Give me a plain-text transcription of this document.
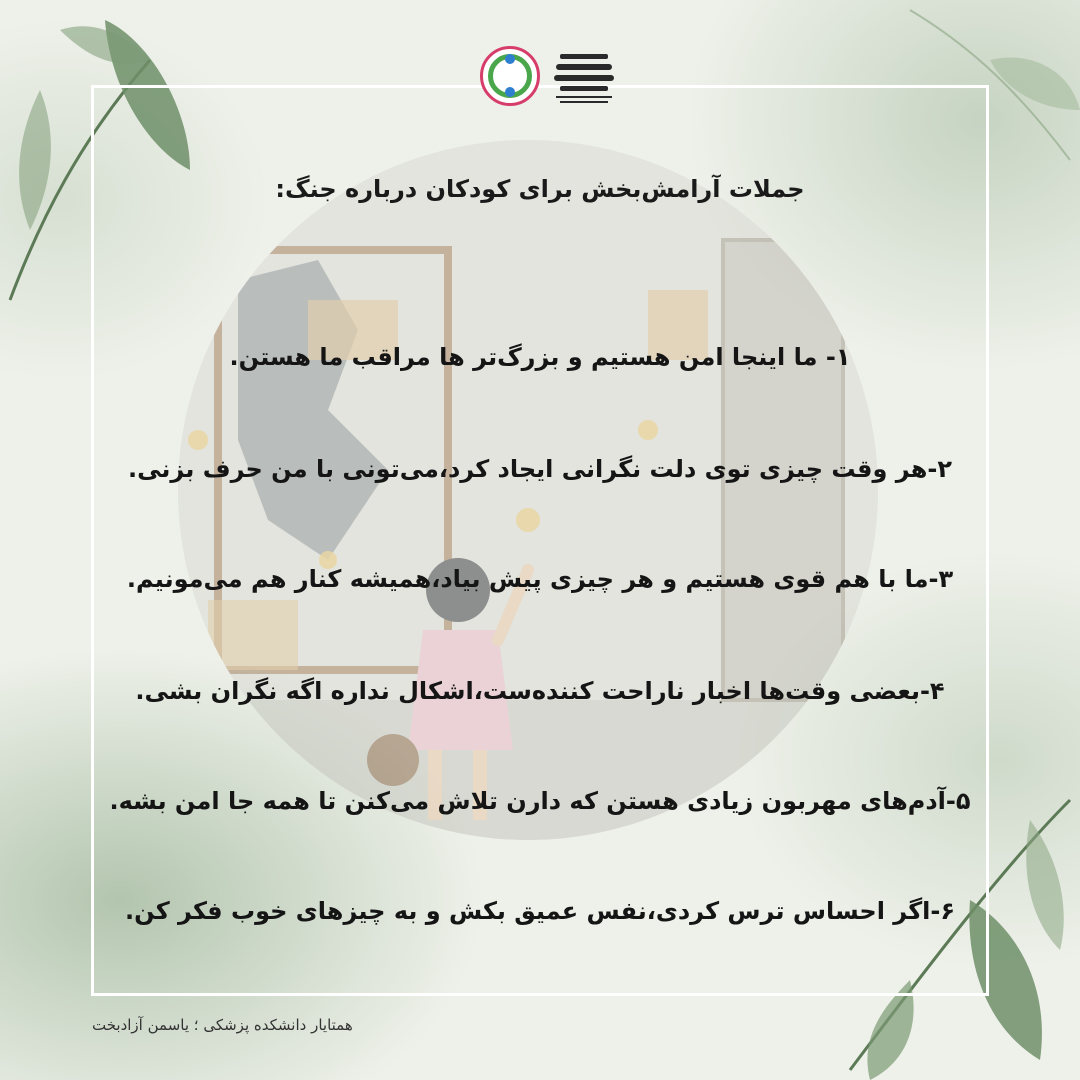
جملات آرامش‌بخش برای کودکان درباره جنگ:
۱- ما اینجا امن هستیم و بزرگ‌تر ها مراقب ما هستن.
۲-هر وقت چیزی توی دلت نگرانی ایجاد کرد،می‌تونی با من حرف بزنی.
۳-ما با هم قوی هستیم و هر چیزی پیش بیاد،همیشه کنار هم می‌مونیم.
۴-بعضی وقت‌ها اخبار ناراحت کننده‌ست،اشکال نداره اگه نگران بشی.
۵-آدم‌های مهربون زیادی هستن که دارن تلاش می‌کنن تا همه جا امن بشه.
۶-اگر احساس ترس کردی،نفس عمیق بکش و به چیزهای خوب فکر کن.
همتایار دانشکده پزشکی ؛ یاسمن آزادبخت
